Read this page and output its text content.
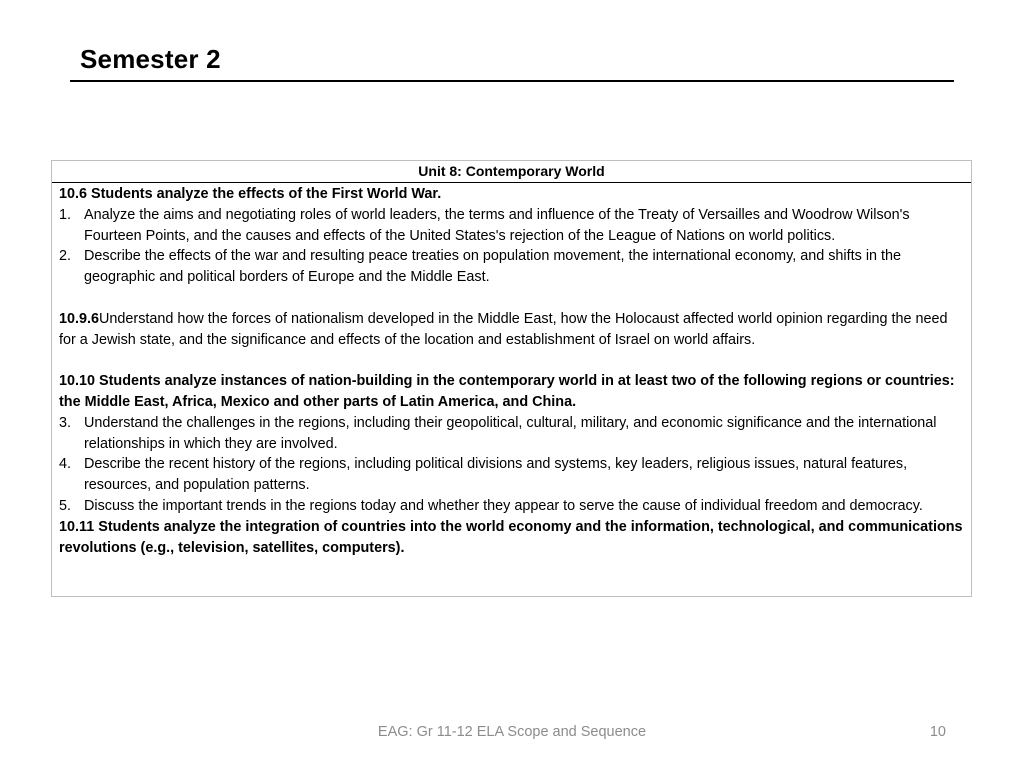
Semester 2
Unit 8: Contemporary World
10.6 Students analyze the effects of the First World War.
1. Analyze the aims and negotiating roles of world leaders, the terms and influence of the Treaty of Versailles and Woodrow Wilson's Fourteen Points, and the causes and effects of the United States's rejection of the League of Nations on world politics.
2. Describe the effects of the war and resulting peace treaties on population movement, the international economy, and shifts in the geographic and political borders of Europe and the Middle East.
10.9.6Understand how the forces of nationalism developed in the Middle East, how the Holocaust affected world opinion regarding the need for a Jewish state, and the significance and effects of the location and establishment of Israel on world affairs.
10.10 Students analyze instances of nation-building in the contemporary world in at least two of the following regions or countries: the Middle East, Africa, Mexico and other parts of Latin America, and China.
3. Understand the challenges in the regions, including their geopolitical, cultural, military, and economic significance and the international relationships in which they are involved.
4. Describe the recent history of the regions, including political divisions and systems, key leaders, religious issues, natural features, resources, and population patterns.
5. Discuss the important trends in the regions today and whether they appear to serve the cause of individual freedom and democracy.
10.11 Students analyze the integration of countries into the world economy and the information, technological, and communications revolutions (e.g., television, satellites, computers).
EAG: Gr 11-12 ELA Scope and Sequence	10
